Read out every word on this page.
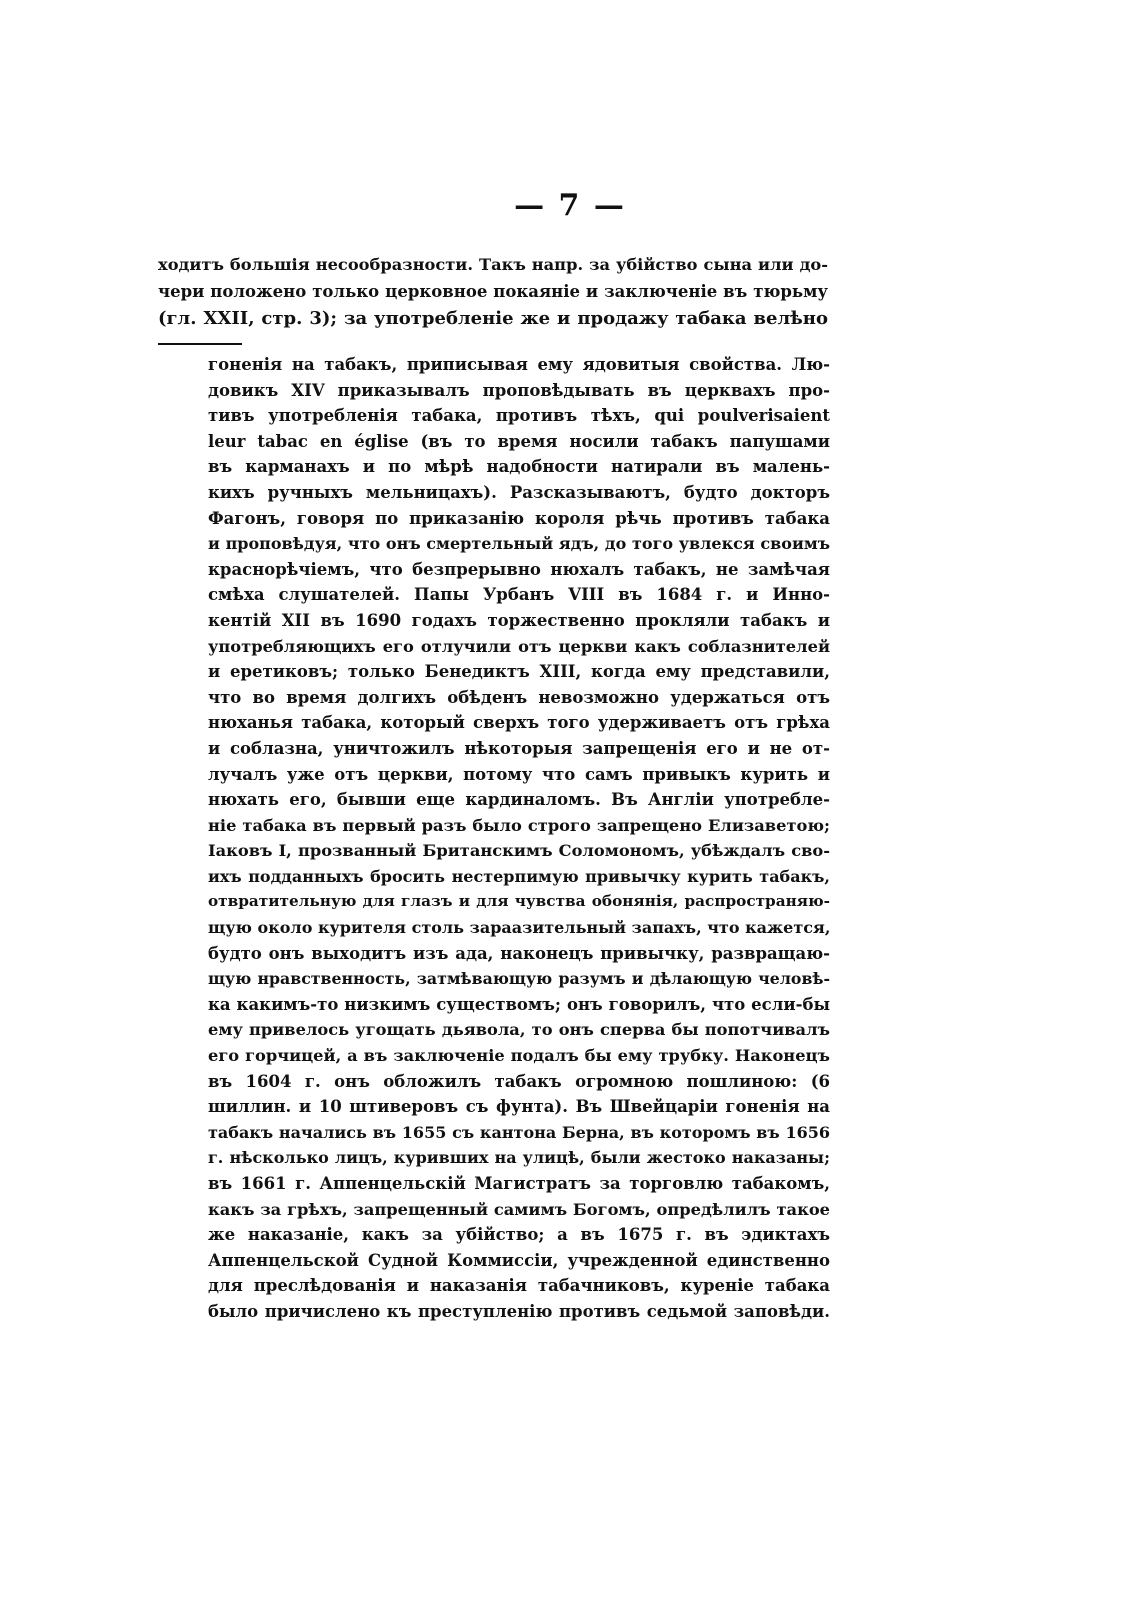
— 7 —
ходитъ большія несообразности. Такъ напр. за убійство сына или до-
чери положено только церковное покаяніе и заключеніе въ тюрьму
(гл. XXII, стр. 3); за употребленіе же и продажу табака велѣно
гоненія на табакъ, приписывая ему ядовитыя свойства. Лю-
довикъ XIV приказывалъ проповѣдывать въ церквахъ про-
тивъ употребленія табака, противъ тѣхъ, qui poulverisaient
leur tabac en église (въ то время носили табакъ папушами
въ карманахъ и по мѣрѣ надобности натирали въ малень-
кихъ ручныхъ мельницахъ). Разсказываютъ, будто докторъ
Фагонъ, говоря по приказанію короля рѣчь противъ табака
и проповѣдуя, что онъ смертельный ядъ, до того увлекся своимъ
краснорѣчіемъ, что безпрерывно нюхалъ табакъ, не замѣчая
смѣха слушателей. Папы Урбанъ VIII въ 1684 г. и Инно-
кентій XII въ 1690 годахъ торжественно прокляли табакъ и
употребляющихъ его отлучили отъ церкви какъ соблазнителей
и еретиковъ; только Бенедиктъ XIII, когда ему представили,
что во время долгихъ обѣденъ невозможно удержаться отъ
нюханья табака, который сверхъ того удерживаетъ отъ грѣха
и соблазна, уничтожилъ нѣкоторыя запрещенія его и не от-
лучалъ уже отъ церкви, потому что самъ привыкъ курить и
нюхать его, бывши еще кардиналомъ. Въ Англіи употребле-
ніе табака въ первый разъ было строго запрещено Елизаветою;
Іаковъ I, прозванный Британскимъ Соломономъ, убѣждалъ сво-
ихъ подданныхъ бросить нестерпимую привычку курить табакъ,
отвратительную для глазъ и для чувства обонянія, распространяю-
щую около курителя столь зараазительный запахъ, что кажется,
будто онъ выходитъ изъ ада, наконецъ привычку, развращаю-
щую нравственность, затмѣвающую разумъ и дѣлающую человѣ-
ка какимъ-то низкимъ существомъ; онъ говорилъ, что если-бы
ему привелось угощать дьявола, то онъ сперва бы попотчивалъ
его горчицей, а въ заключеніе подалъ бы ему трубку. Наконецъ
въ 1604 г. онъ обложилъ табакъ огромною пошлиною: (6
шиллин. и 10 штиверовъ съ фунта). Въ Швейцаріи гоненія на
табакъ начались въ 1655 съ кантона Берна, въ которомъ въ 1656
г. нѣсколько лицъ, куривших на улицѣ, были жестоко наказаны;
въ 1661 г. Аппенцельскій Магистратъ за торговлю табакомъ,
какъ за грѣхъ, запрещенный самимъ Богомъ, опредѣлилъ такое
же наказаніе, какъ за убійство; а въ 1675 г. въ эдиктахъ
Аппенцельской Судной Коммиссіи, учрежденной единственно
для преслѣдованія и наказанія табачниковъ, куреніе табака
было причислено къ преступленію противъ седьмой заповѣди.
